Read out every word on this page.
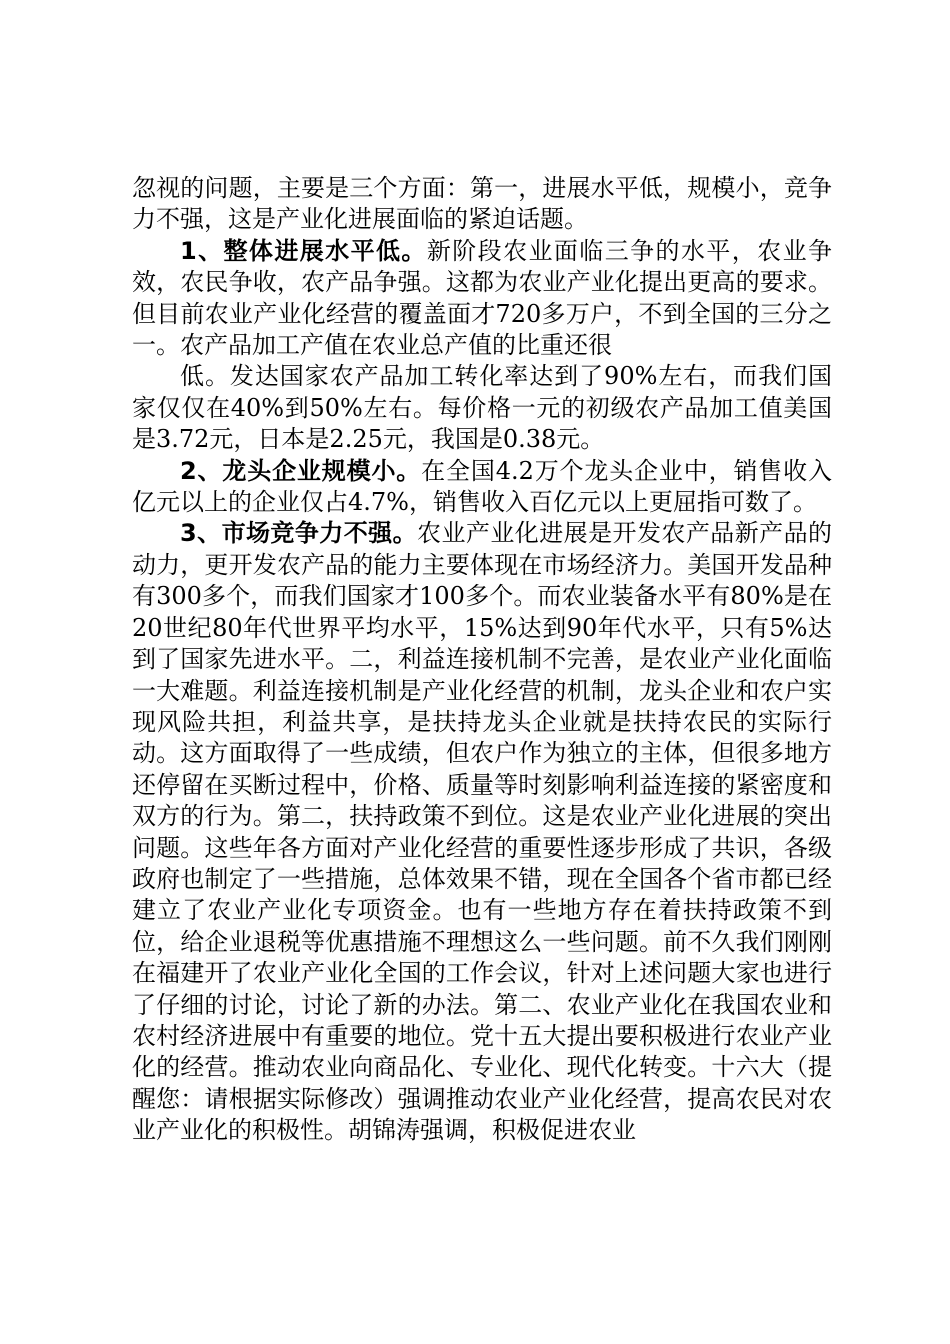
忽视的问题，主要是三个方面：第一，进展水平低，规模小，竞争力不强，这是产业化进展面临的紧迫话题。

1、整体进展水平低。新阶段农业面临三争的水平，农业争效，农民争收，农产品争强。这都为农业产业化提出更高的要求。但目前农业产业化经营的覆盖面才720多万户，不到全国的三分之一。农产品加工产值在农业总产值的比重还很

低。发达国家农产品加工转化率达到了90%左右，而我们国家仅仅在40%到50%左右。每价格一元的初级农产品加工值美国是3.72元，日本是2.25元，我国是0.38元。

2、龙头企业规模小。在全国4.2万个龙头企业中，销售收入亿元以上的企业仅占4.7%，销售收入百亿元以上更屈指可数了。

3、市场竞争力不强。农业产业化进展是开发农产品新产品的动力，更开发农产品的能力主要体现在市场经济力。美国开发品种有300多个，而我们国家才100多个。而农业装备水平有80%是在20世纪80年代世界平均水平，15%达到90年代水平，只有5%达到了国家先进水平。二，利益连接机制不完善，是农业产业化面临一大难题。利益连接机制是产业化经营的机制，龙头企业和农户实现风险共担，利益共享，是扶持龙头企业就是扶持农民的实际行动。这方面取得了一些成绩，但农户作为独立的主体，但很多地方还停留在买断过程中，价格、质量等时刻影响利益连接的紧密度和双方的行为。第二，扶持政策不到位。这是农业产业化进展的突出问题。这些年各方面对产业化经营的重要性逐步形成了共识，各级政府也制定了一些措施，总体效果不错，现在全国各个省市都已经建立了农业产业化专项资金。也有一些地方存在着扶持政策不到位，给企业退税等优惠措施不理想这么一些问题。前不久我们刚刚在福建开了农业产业化全国的工作会议，针对上述问题大家也进行了仔细的讨论，讨论了新的办法。第二、农业产业化在我国农业和农村经济进展中有重要的地位。党十五大提出要积极进行农业产业化的经营。推动农业向商品化、专业化、现代化转变。十六大（提醒您：请根据实际修改）强调推动农业产业化经营，提高农民对农业产业化的积极性。胡锦涛强调，积极促进农业
